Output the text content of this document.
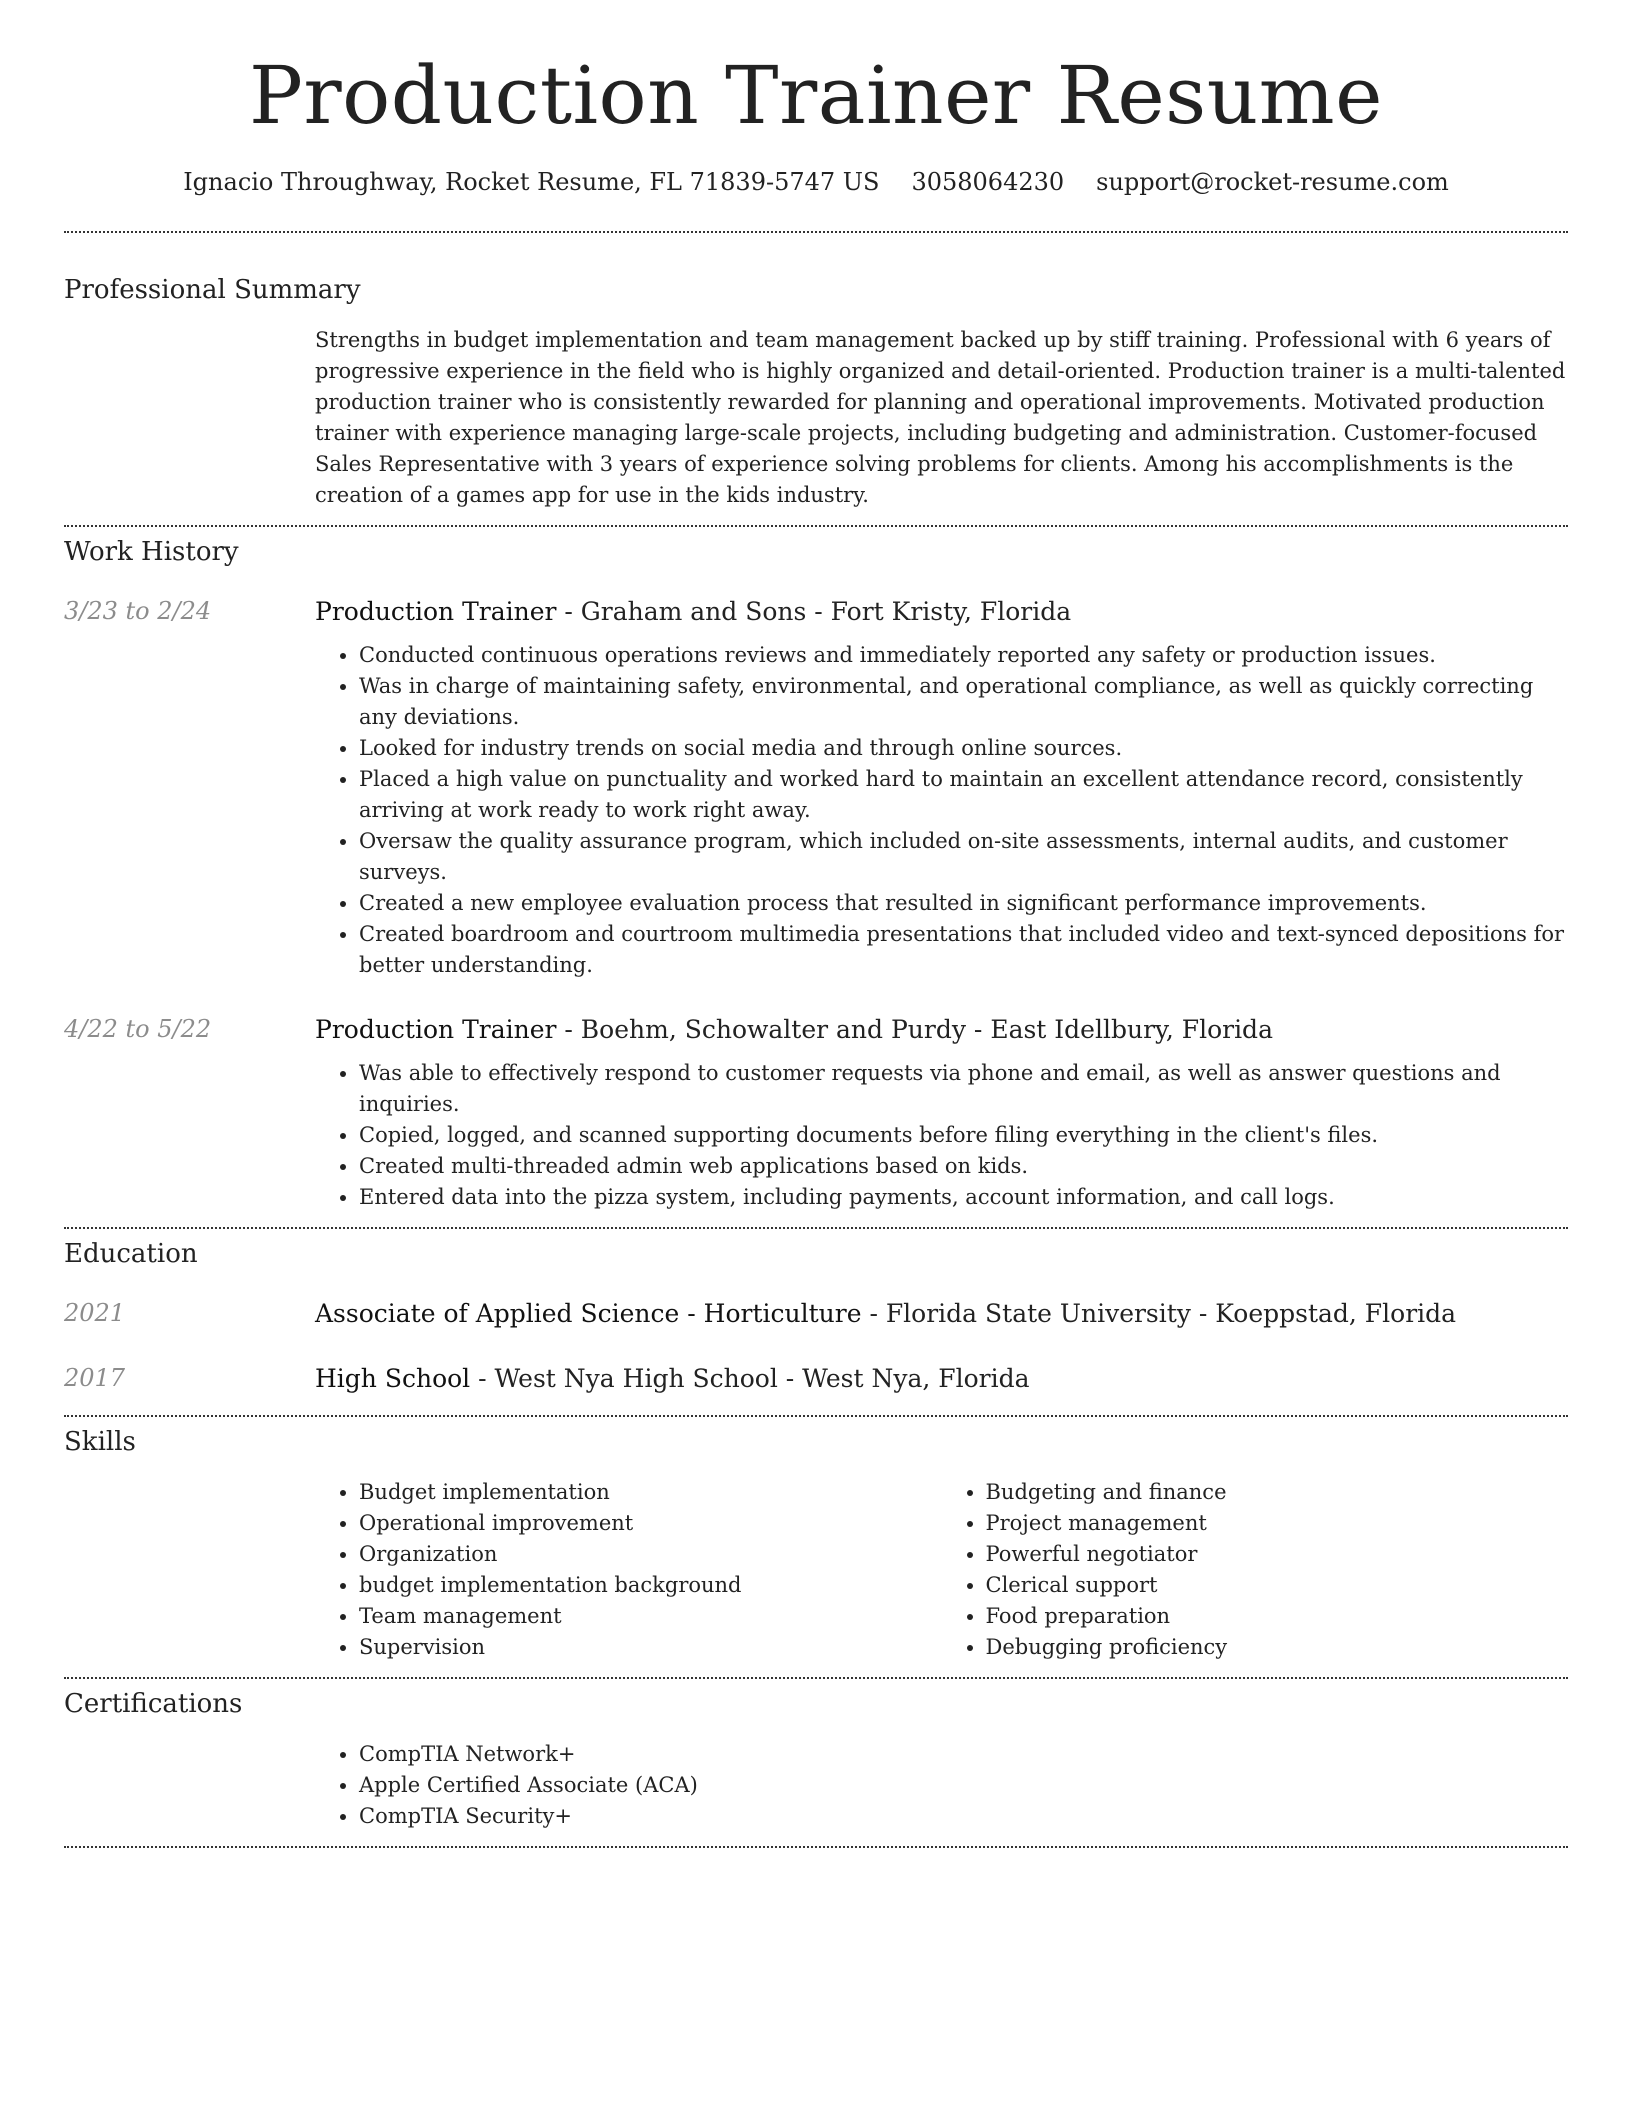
Production Trainer Resume
Ignacio Throughway, Rocket Resume, FL 71839-5747 US 3058064230 support@rocket-resume.com
Professional Summary
Strengths in budget implementation and team management backed up by stiff training. Professional with 6 years of progressive experience in the field who is highly organized and detail-oriented. Production trainer is a multi-talented production trainer who is consistently rewarded for planning and operational improvements. Motivated production trainer with experience managing large-scale projects, including budgeting and administration. Customer-focused Sales Representative with 3 years of experience solving problems for clients. Among his accomplishments is the creation of a games app for use in the kids industry.
Work History
3/23 to 2/24	Production Trainer - Graham and Sons - Fort Kristy, Florida
• Conducted continuous operations reviews and immediately reported any safety or production issues.
• Was in charge of maintaining safety, environmental, and operational compliance, as well as quickly correcting any deviations.
• Looked for industry trends on social media and through online sources.
• Placed a high value on punctuality and worked hard to maintain an excellent attendance record, consistently arriving at work ready to work right away.
• Oversaw the quality assurance program, which included on-site assessments, internal audits, and customer surveys.
• Created a new employee evaluation process that resulted in significant performance improvements.
• Created boardroom and courtroom multimedia presentations that included video and text-synced depositions for better understanding.
4/22 to 5/22	Production Trainer - Boehm, Schowalter and Purdy - East Idellbury, Florida
• Was able to effectively respond to customer requests via phone and email, as well as answer questions and inquiries.
• Copied, logged, and scanned supporting documents before filing everything in the client's files.
• Created multi-threaded admin web applications based on kids.
• Entered data into the pizza system, including payments, account information, and call logs.
Education
2021	Associate of Applied Science - Horticulture - Florida State University - Koeppstad, Florida
2017	High School - West Nya High School - West Nya, Florida
Skills
• Budget implementation
• Operational improvement
• Organization
• budget implementation background
• Team management
• Supervision
• Budgeting and finance
• Project management
• Powerful negotiator
• Clerical support
• Food preparation
• Debugging proficiency
Certifications
• CompTIA Network+
• Apple Certified Associate (ACA)
• CompTIA Security+
